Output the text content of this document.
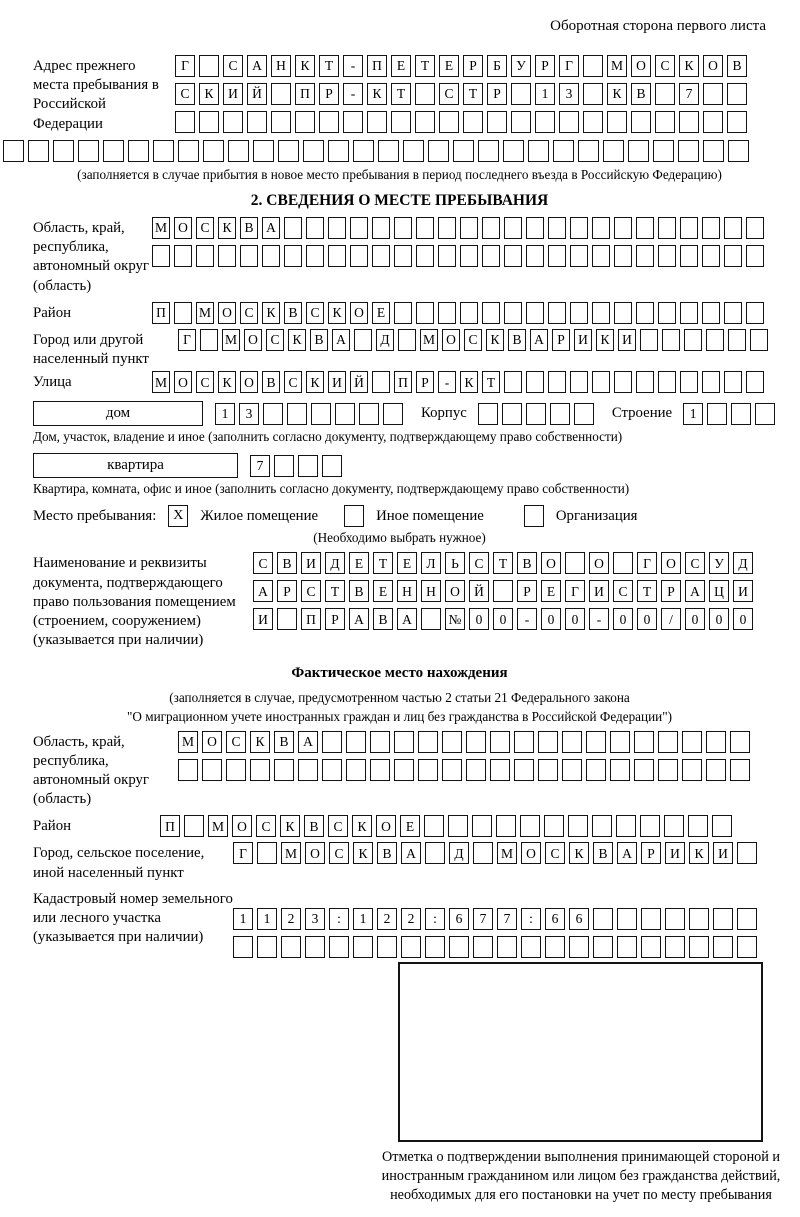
Оборотная сторона первого листа
Адрес прежнего места пребывания в Российской Федерации
Г	С	А	Н	К	Т	-	П	Е	Т	Е	Р	Б	У	Р	Г	М О	С	К	О	В
С	К	И	Й	П	Р	-	К	Т	С	Т	Р	1	3	К	В	7
(заполняется в случае прибытия в новое место пребывания в период последнего въезда в Российскую Федерацию)
2. СВЕДЕНИЯ О МЕСТЕ ПРЕБЫВАНИЯ
Область, край, республика, автономный округ (область)
М О С К В А
Район	П	М О С К В С К О Е
Город или другой населенный пункт
Г	М О С К В А	Д	М О С К В А Р И К И
Улица	М О С К О В С К И Й	П Р	-	К Т
дом	1	3	Корпус	Строение	1
Дом, участок, владение и иное (заполнить согласно документу, подтверждающему право собственности)
квартира	7
Квартира, комната, офис и иное (заполнить согласно документу, подтверждающему право собственности)
Место пребывания:	X	Жилое помещение	Иное помещение	Организация
(Необходимо выбрать нужное)
Наименование и реквизиты документа, подтверждающего право пользования помещением (строением, сооружением) (указывается при наличии)
С	В	И	Д	Е	Т	Е	Л	Ь	С	Т	В	О	О	Г	О	С	У	Д
А	Р	С	Т	В	Е	Н	Н	О	Й	Р	Е	Г	И	С	Т	Р	А	Ц	И
И	П	Р	А	В	А	№	0	0	-	0	0	-	0	0	/	0	0	0
Фактическое место нахождения
(заполняется в случае, предусмотренном частью 2 статьи 21 Федерального закона
"О миграционном учете иностранных граждан и лиц без гражданства в Российской Федерации")
Область, край, республика, автономный округ (область)
М О	С	К	В	А
Район	П	М О	С	К	В	С	К	О	Е
Город, сельское поселение, иной населенный пункт
Г	М О	С	К	В	А	Д	М О	С	К	В	А	Р	И	К	И
Кадастровый номер земельного или лесного участка (указывается при наличии)
1	1	2	3	:	1	2	2	:	6	7	7	:	6	6
Отметка о подтверждении выполнения принимающей стороной и иностранным гражданином или лицом без гражданства действий, необходимых для его постановки на учет по месту пребывания
